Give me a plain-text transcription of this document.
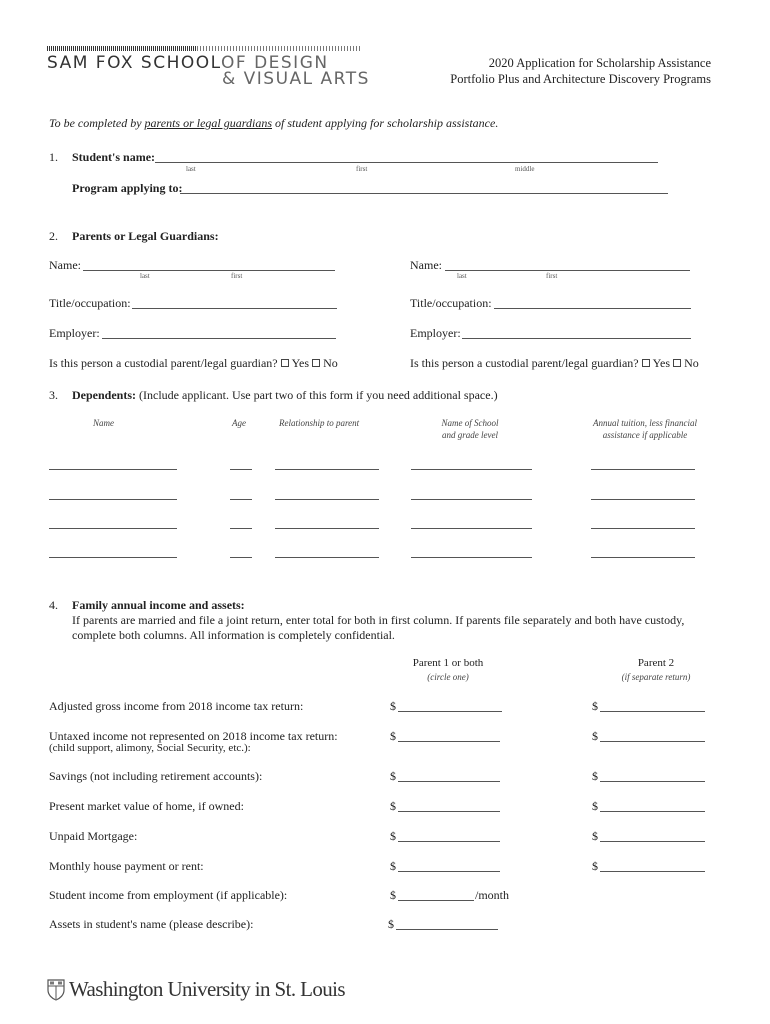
SAM FOX SCHOOLOF DESIGN
& VISUAL ARTS
2020 Application for Scholarship Assistance
Portfolio Plus and Architecture Discovery Programs
To be completed by parents or legal guardians of student applying for scholarship assistance.
1. Student's name:
last	first	middle
Program applying to:
2. Parents or Legal Guardians:
Name:
last	first
Title/occupation:
Employer:
Is this person a custodial parent/legal guardian? Yes No
Name:
last	first
Title/occupation:
Employer:
Is this person a custodial parent/legal guardian? Yes No
3. Dependents: (Include applicant. Use part two of this form if you need additional space.)
Name	Age	Relationship to parent	Name of School
and grade level
Annual tuition, less financial
assistance if applicable
4. Family annual income and assets:
If parents are married and file a joint return, enter total for both in first column. If parents file separately and both have custody,
complete both columns. All information is completely confidential.
Parent 1 or both
(circle one)
Parent 2
(if separate return)
Adjusted gross income from 2018 income tax return:	$	$
Untaxed income not represented on 2018 income tax return:
(child support, alimony, Social Security, etc.):
$	$
Savings (not including retirement accounts):	$	$
Present market value of home, if owned:	$	$
Unpaid Mortgage:	$	$
Monthly house payment or rent:	$	$
Student income from employment (if applicable):	$	/month
Assets in student's name (please describe):	$
Washington University in St. Louis
